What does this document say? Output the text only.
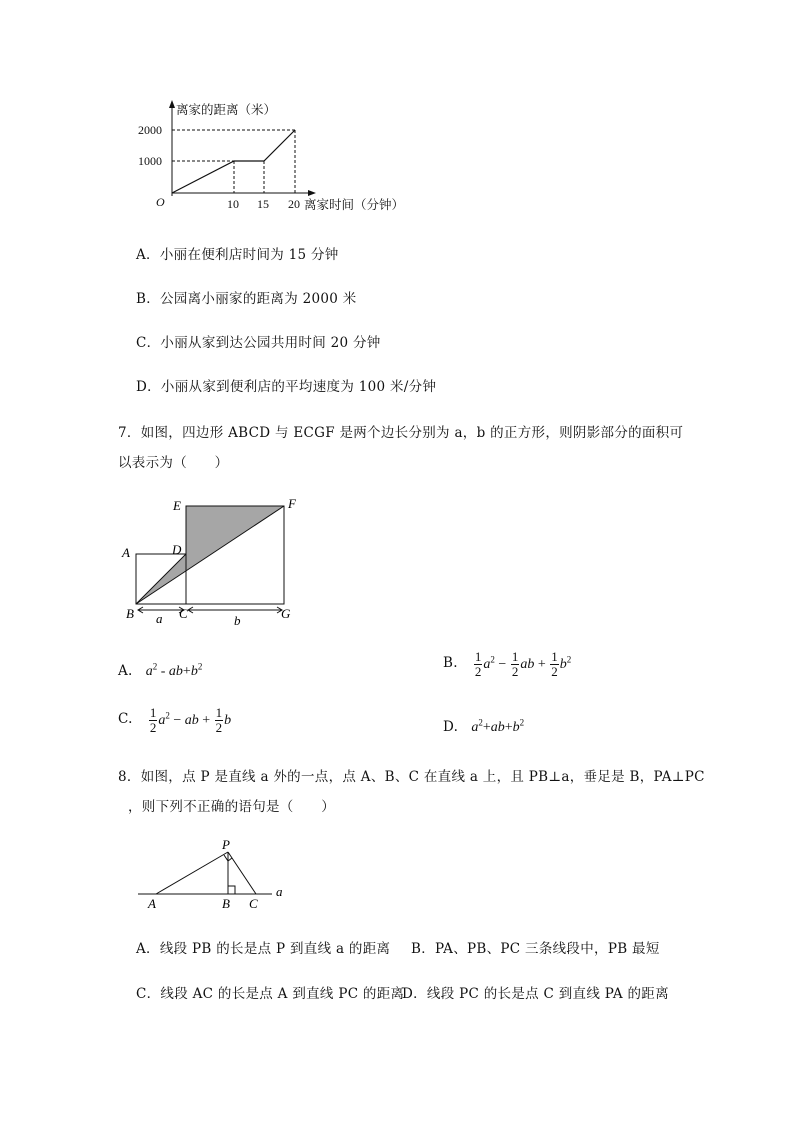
离家的距离（米）
2000
1000
O	10 15 20 离家时间（分钟）
A．小丽在便利店时间为 15 分钟
B．公园离小丽家的距离为 2000 米
C．小丽从家到达公园共用时间 20 分钟
D．小丽从家到便利店的平均速度为 100 米/分钟
7．如图，四边形 ABCD 与 ECGF 是两个边长分别为 a，b 的正方形，则阴影部分的面积可
以表示为（　　）
E	F
A	D
B	C	G
a	b
A. $a^2 - ab+b^2$	B. $\frac{1}{2} a^2 - \frac{1}{2}$ ab + $\frac{1}{2} b^2$
C. $\frac{1}{2} a^2$ − ab + $\frac{1}{2}$ b	D. $a^2+ab+b^2$
8．如图，点 P 是直线 a 外的一点，点 A、B、C 在直线 a 上，且 PB⊥a，垂足是 B，PA⊥PC
，则下列不正确的语句是（　　）
P
A	B C
a
A．线段 PB 的长是点 P 到直线 a 的距离 B．PA、PB、PC 三条线段中，PB 最短
C．线段 AC 的长是点 A 到直线 PC 的距离
D．线段 PC 的长是点 C 到直线 PA 的距离
